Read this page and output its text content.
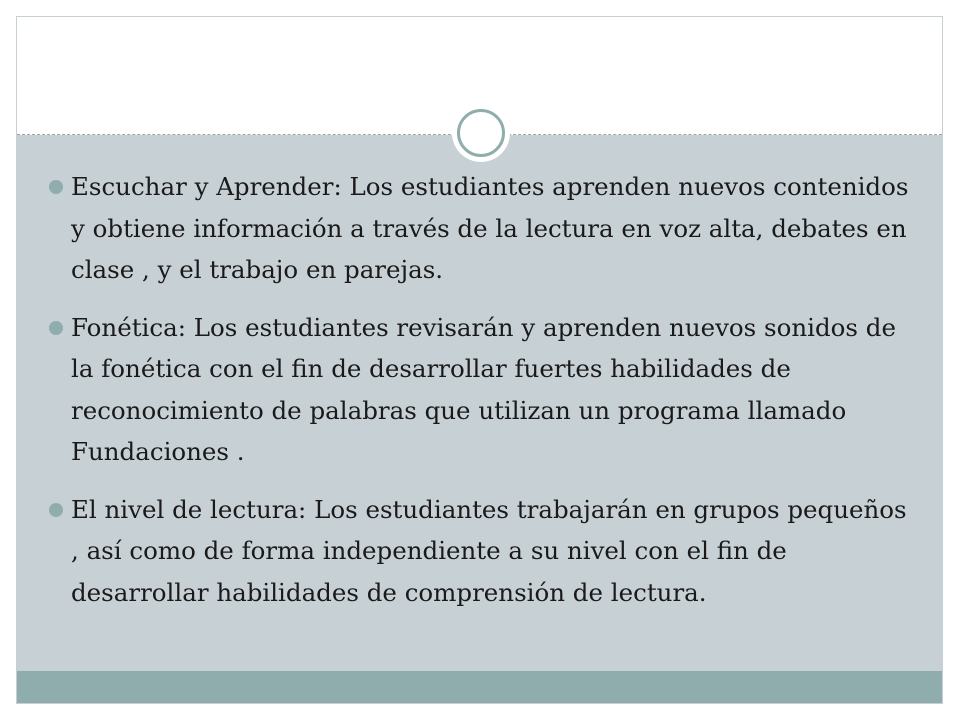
Escuchar y Aprender: Los estudiantes aprenden nuevos contenidos y obtiene información a través de la lectura en voz alta, debates en clase , y el trabajo en parejas.
Fonética: Los estudiantes revisarán y aprenden nuevos sonidos de la fonética con el fin de desarrollar fuertes habilidades de reconocimiento de palabras que utilizan un programa llamado Fundaciones .
El nivel de lectura: Los estudiantes trabajarán en grupos pequeños , así como de forma independiente a su nivel con el fin de desarrollar habilidades de comprensión de lectura.
